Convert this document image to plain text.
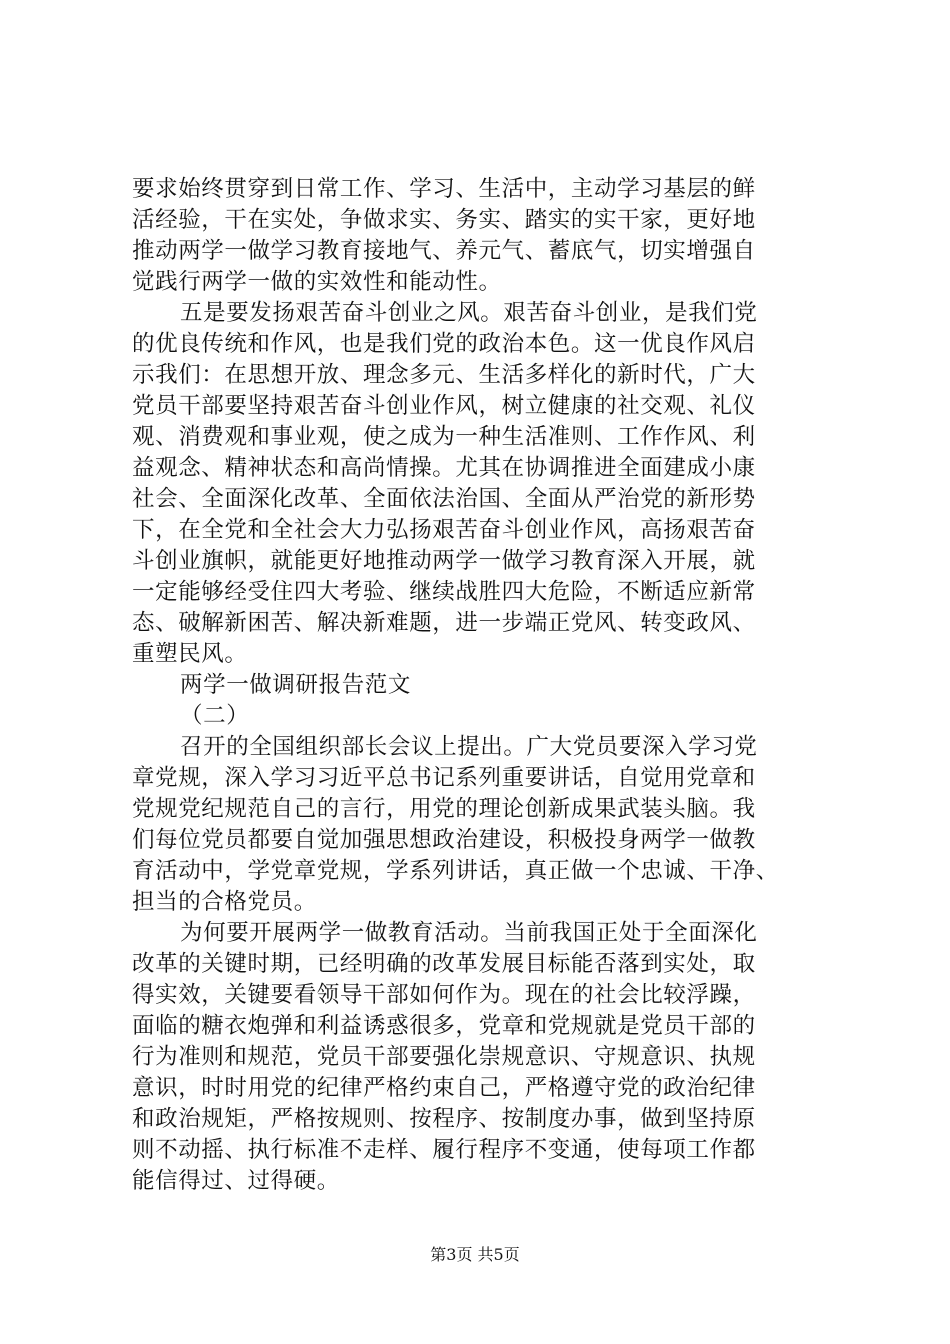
要求始终贯穿到日常工作、学习、生活中，主动学习基层的鲜
活经验，干在实处，争做求实、务实、踏实的实干家，更好地
推动两学一做学习教育接地气、养元气、蓄底气，切实增强自
觉践行两学一做的实效性和能动性。
五是要发扬艰苦奋斗创业之风。艰苦奋斗创业，是我们党
的优良传统和作风，也是我们党的政治本色。这一优良作风启
示我们：在思想开放、理念多元、生活多样化的新时代，广大
党员干部要坚持艰苦奋斗创业作风，树立健康的社交观、礼仪
观、消费观和事业观，使之成为一种生活准则、工作作风、利
益观念、精神状态和高尚情操。尤其在协调推进全面建成小康
社会、全面深化改革、全面依法治国、全面从严治党的新形势
下，在全党和全社会大力弘扬艰苦奋斗创业作风，高扬艰苦奋
斗创业旗帜，就能更好地推动两学一做学习教育深入开展，就
一定能够经受住四大考验、继续战胜四大危险，不断适应新常
态、破解新困苦、解决新难题，进一步端正党风、转变政风、
重塑民风。
两学一做调研报告范文
（二）
召开的全国组织部长会议上提出。广大党员要深入学习党
章党规，深入学习习近平总书记系列重要讲话，自觉用党章和
党规党纪规范自己的言行，用党的理论创新成果武装头脑。我
们每位党员都要自觉加强思想政治建设，积极投身两学一做教
育活动中，学党章党规，学系列讲话，真正做一个忠诚、干净、
担当的合格党员。
为何要开展两学一做教育活动。当前我国正处于全面深化
改革的关键时期，已经明确的改革发展目标能否落到实处，取
得实效，关键要看领导干部如何作为。现在的社会比较浮躁，
面临的糖衣炮弹和利益诱惑很多，党章和党规就是党员干部的
行为准则和规范，党员干部要强化崇规意识、守规意识、执规
意识，时时用党的纪律严格约束自己，严格遵守党的政治纪律
和政治规矩，严格按规则、按程序、按制度办事，做到坚持原
则不动摇、执行标准不走样、履行程序不变通，使每项工作都
能信得过、过得硬。
第3页 共5页
